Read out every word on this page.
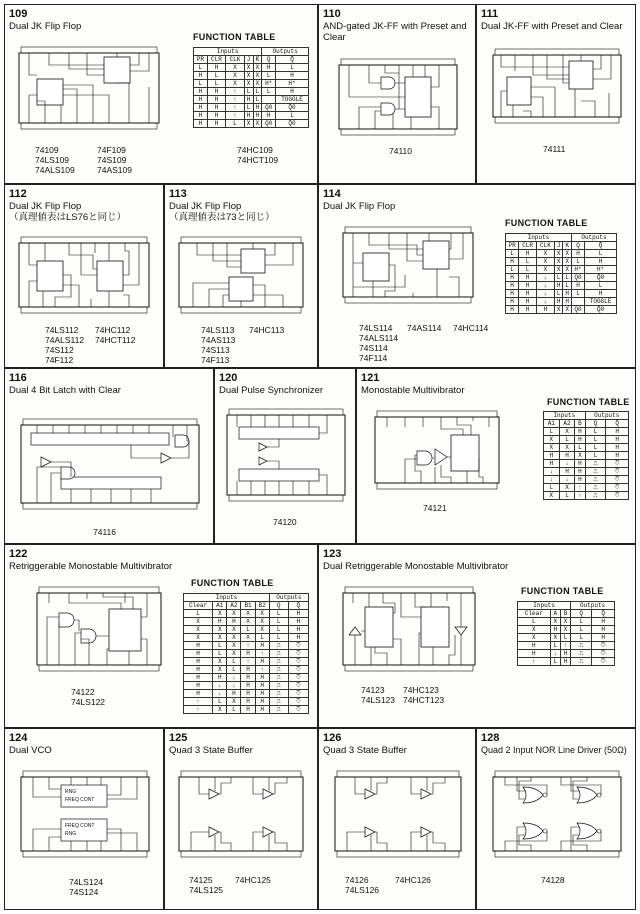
109
Dual JK Flip Flop
74109
74LS109
74ALS109
74F109
74S109
74AS109
FUNCTION TABLE
Inputs					Outputs	
PR	CLR	CLK	J	K̄	Q	Q̄
L	H	X	X	X	H	L
H	L	X	X	X	L	H
L	L	X	X	X	H*	H*
H	H	↑	L	L	L	H
H	H	↑	H	L		TOGGLE
H	H	↑	L	H	Q0	Q̄0
H	H	↑	H	H	H	L
H	H	L	X	X	Q0	Q̄0
74HC109
74HCT109
110
AND-gated JK-FF with Preset and Clear
74110
111
Dual JK-FF with Preset and Clear
74111
112
Dual JK Flip Flop
（真理値表はLS76と同じ）
74LS112
74ALS112
74S112
74F112

74HC112
74HCT112
113
Dual JK Flip Flop
（真理値表は73と同じ）
74LS113
74AS113
74S113
74F113

74HC113
114
Dual JK Flip Flop
74LS114
74ALS114
74S114
74F114
74AS114 74HC114
FUNCTION TABLE
Inputs					Outputs	
PR	CLR	CLK	J	K	Q	Q̄
L	H	X	X	X	H	L
H	L	X	X	X	L	H
L	L	X	X	X	H*	H*
H	H	↓	L	L	Q0	Q̄0
H	H	↓	H	L	H	L
H	H	↓	L	H	L	H
H	H	↓	H	H		TOGGLE
H	H	H	X	X	Q0	Q̄0
116
Dual 4 Bit Latch with Clear
74116
120
Dual Pulse Synchronizer
74120
121
Monostable Multivibrator
74121
FUNCTION TABLE
Inputs			Outputs	
A1	A2	B	Q	Q̄
L	X	H	L	H
X	L	H	L	H
X	X	L	L	H
H	H	X	L	H
H	↓	H	⎍	⎏
↓	H	H	⎍	⎏
↓	↓	H	⎍	⎏
L	X	↑	⎍	⎏
X	L	↑	⎍	⎏
122
Retriggerable Monostable Multivibrator
74122
74LS122
FUNCTION TABLE
Inputs					Outputs	
Clear	A1	A2	B1	B2	Q	Q̄
L	X	X	X	X	L	H
X	H	H	X	X	L	H
X	X	X	L	X	L	H
X	X	X	X	L	L	H
H	L	X	↑	H	⎍	⎏
H	L	X	H	↑	⎍	⎏
H	X	L	↑	H	⎍	⎏
H	X	L	H	↑	⎍	⎏
H	H	↓	H	H	⎍	⎏
H	↓	↓	H	H	⎍	⎏
H	↓	H	H	H	⎍	⎏
↑	L	X	H	H	⎍	⎏
↑	X	L	H	H	⎍	⎏
123
Dual Retriggerable Monostable Multivibrator
74123
74LS123
74HC123
74HCT123
FUNCTION TABLE
Inputs			Outputs	
Clear	A	B	Q	Q̄
L	X	X	L	H
X	H	X	L	H
X	X	L	L	H
H	L	↑	⎍	⎏
H	↓	H	⎍	⎏
↑	L	H	⎍	⎏
124
Dual VCO
RNG
FREQ CONT
FREQ CONT
RNG
74LS124
74S124
125
Quad 3 State Buffer
74125
74LS125
74HC125
126
Quad 3 State Buffer
74126
74LS126
74HC126
128
Quad 2 Input NOR Line Driver (50Ω)
74128
